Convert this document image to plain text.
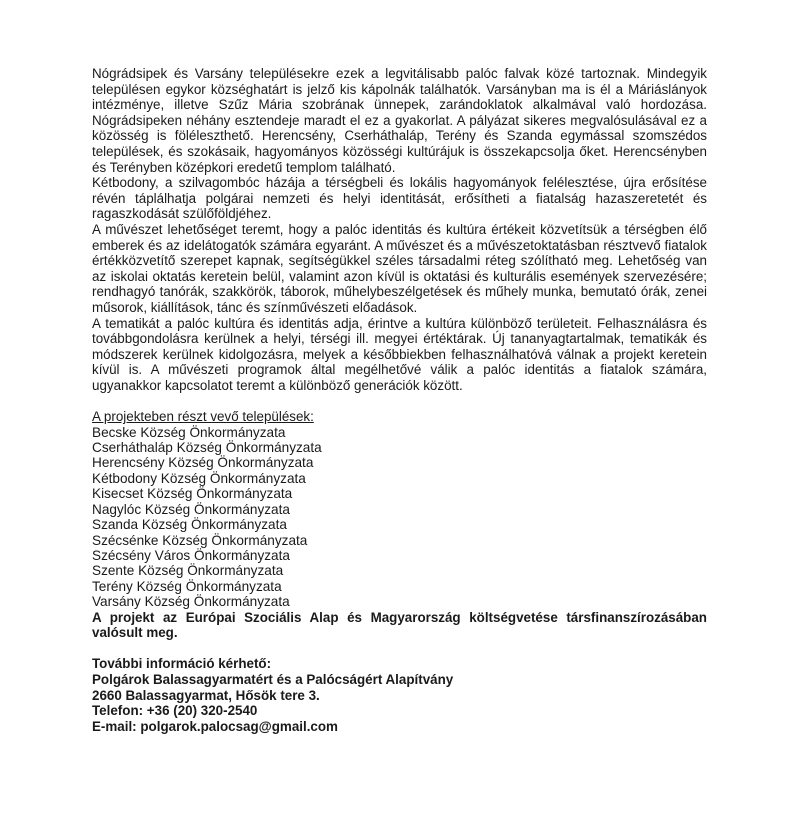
Nógrádsipek és Varsány településekre ezek a legvitálisabb palóc falvak közé tartoznak. Mindegyik településen egykor községhatárt is jelző kis kápolnák találhatók. Varsányban ma is él a Máriáslányok intézménye, illetve Szűz Mária szobrának ünnepek, zarándoklatok alkalmával való hordozása. Nógrádsipeken néhány esztendeje maradt el ez a gyakorlat. A pályázat sikeres megvalósulásával ez a közösség is föléleszthető. Herencsény, Cserháthaláp, Terény és Szanda egymással szomszédos települések, és szokásaik, hagyományos közösségi kultúrájuk is összekapcsolja őket. Herencsényben és Terényben középkori eredetű templom található.

Kétbodony, a szilvagombóc házája a térségbeli és lokális hagyományok felélesztése, újra erősítése révén táplálhatja polgárai nemzeti és helyi identitását, erősítheti a fiatalság hazaszeretetét és ragaszkodását szülőföldjéhez.

A művészet lehetőséget teremt, hogy a palóc identitás és kultúra értékeit közvetítsük a térségben élő emberek és az idelátogatók számára egyaránt. A művészet és a művészetoktatásban résztvevő fiatalok értékközvetítő szerepet kapnak, segítségükkel széles társadalmi réteg szólítható meg. Lehetőség van az iskolai oktatás keretein belül, valamint azon kívül is oktatási és kulturális események szervezésére; rendhagyó tanórák, szakkörök, táborok, műhelybeszélgetések és műhely munka, bemutató órák, zenei műsorok, kiállítások, tánc és színművészeti előadások.

A tematikát a palóc kultúra és identitás adja, érintve a kultúra különböző területeit. Felhasználásra és továbbgondolásra kerülnek a helyi, térségi ill. megyei értéktárak. Új tananyagtartalmak, tematikák és módszerek kerülnek kidolgozásra, melyek a későbbiekben felhasználhatóvá válnak a projekt keretein kívül is. A művészeti programok által megélhetővé válik a palóc identitás a fiatalok számára, ugyanakkor kapcsolatot teremt a különböző generációk között.

A projekteben részt vevő települések:
Becske Község Önkormányzata
Cserháthaláp Község Önkormányzata
Herencsény Község Önkormányzata
Kétbodony Község Önkormányzata
Kisecset Község Önkormányzata
Nagylóc Község Önkormányzata
Szanda Község Önkormányzata
Szécsénke Község Önkormányzata
Szécsény Város Önkormányzata
Szente Község Önkormányzata
Terény Község Önkormányzata
Varsány Község Önkormányzata

A projekt az Európai Szociális Alap és Magyarország költségvetése társfinanszírozásában valósult meg.

További információ kérhető:
Polgárok Balassagyarmatért és a Palócságért Alapítvány
2660 Balassagyarmat, Hősök tere 3.
Telefon: +36 (20) 320-2540
E-mail: polgarok.palocsag@gmail.com
